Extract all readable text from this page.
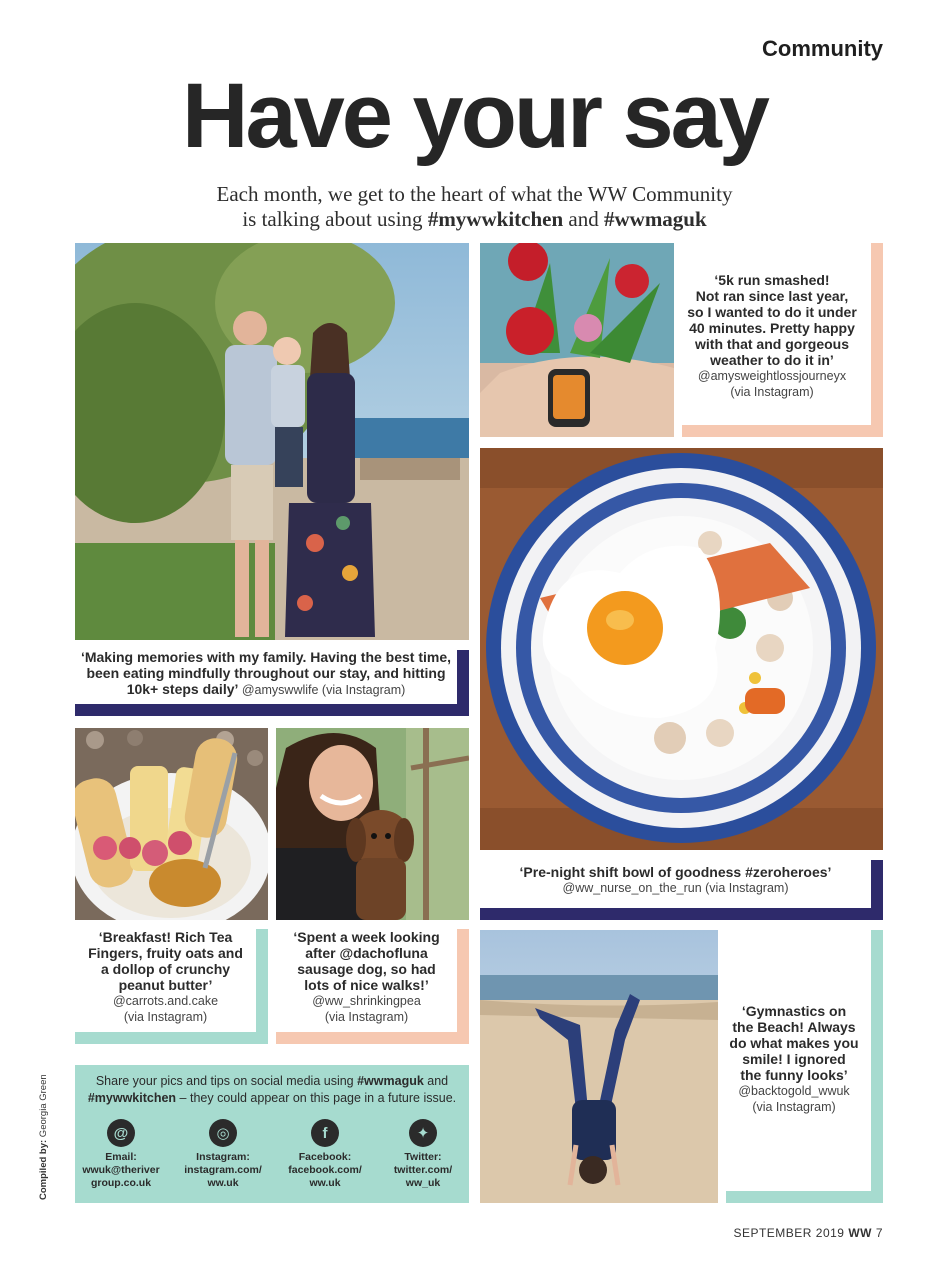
Community
Have your say
Each month, we get to the heart of what the WW Community
is talking about using #mywwkitchen and #wwmaguk
‘Making memories with my family. Having the best time,
been eating mindfully throughout our stay, and hitting
10k+ steps daily’ @amyswwlife (via Instagram)
‘5k run smashed!
Not ran since last year,
so I wanted to do it under
40 minutes. Pretty happy
with that and gorgeous
weather to do it in’
@amysweightlossjourneyx
(via Instagram)
‘Pre-night shift bowl of goodness #zeroheroes’
@ww_nurse_on_the_run (via Instagram)
‘Breakfast! Rich Tea
Fingers, fruity oats and
a dollop of crunchy
peanut butter’
@carrots.and.cake
(via Instagram)
‘Spent a week looking
after @dachofluna
sausage dog, so had
lots of nice walks!’
@ww_shrinkingpea
(via Instagram)	‘Gymnastics on
the Beach! Always
do what makes you
smile! I ignored
the funny looks’
@backtogold_wwuk
(via Instagram)
Share your pics and tips on social media using #wwmaguk and
#mywwkitchen – they could appear on this page in a future issue.
@
Email:
wwuk@theriver
group.co.uk
◎
Instagram:
instagram.com/
ww.uk
f
Facebook:
facebook.com/
ww.uk
✦
Twitter:
twitter.com/
ww_uk
Compiled by: Georgia Green
SEPTEMBER 2019 WW 7
